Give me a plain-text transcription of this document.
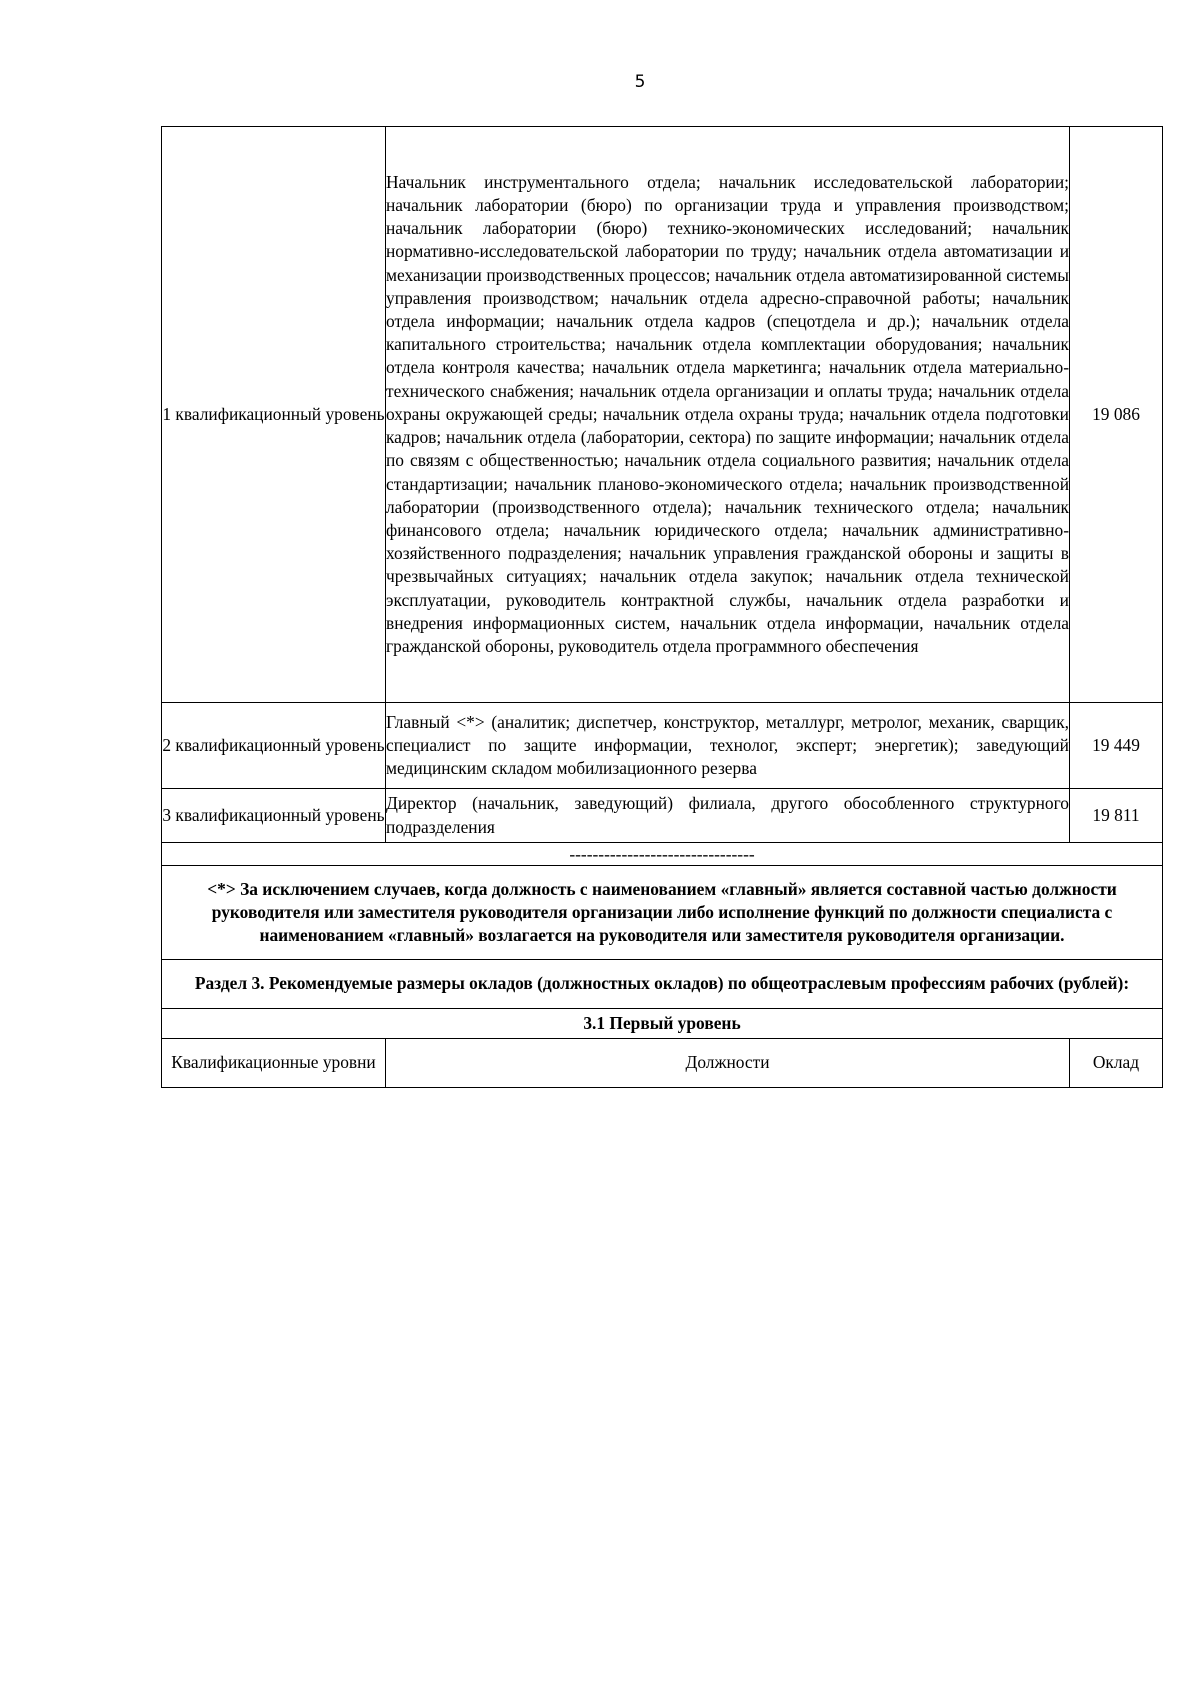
5
1 квалификационный уровень	Начальник инструментального отдела; начальник исследовательской лаборатории; начальник лаборатории (бюро) по организации труда и управления производством; начальник лаборатории (бюро) технико-экономических исследований; начальник нормативно-исследовательской лаборатории по труду; начальник отдела автоматизации и механизации производственных процессов; начальник отдела автоматизированной системы управления производством; начальник отдела адресно-справочной работы; начальник отдела информации; начальник отдела кадров (спецотдела и др.); начальник отдела капитального строительства; начальник отдела комплектации оборудования; начальник отдела контроля качества; начальник отдела маркетинга; начальник отдела материально-технического снабжения; начальник отдела организации и оплаты труда; начальник отдела охраны окружающей среды; начальник отдела охраны труда; начальник отдела подготовки кадров; начальник отдела (лаборатории, сектора) по защите информации; начальник отдела по связям с общественностью; начальник отдела социального развития; начальник отдела стандартизации; начальник планово-экономического отдела; начальник производственной лаборатории (производственного отдела); начальник технического отдела; начальник финансового отдела; начальник юридического отдела; начальник административно-хозяйственного подразделения; начальник управления гражданской обороны и защиты в чрезвычайных ситуациях; начальник отдела закупок; начальник отдела технической эксплуатации, руководитель контрактной службы, начальник отдела разработки и внедрения информационных систем, начальник отдела информации, начальник отдела гражданской обороны, руководитель отдела программного обеспечения	19 086
2 квалификационный уровень	Главный <*> (аналитик; диспетчер, конструктор, металлург, метролог, механик, сварщик, специалист по защите информации, технолог, эксперт; энергетик); заведующий медицинским складом мобилизационного резерва	19 449
3 квалификационный уровень	Директор (начальник, заведующий) филиала, другого обособленного структурного подразделения	19 811
--------------------------------		
<*> За исключением случаев, когда должность с наименованием «главный» является составной частью должности руководителя или заместителя руководителя организации либо исполнение функций по должности специалиста с наименованием «главный» возлагается на руководителя или заместителя руководителя организации.		
Раздел 3. Рекомендуемые размеры окладов (должностных окладов) по общеотраслевым профессиям рабочих (рублей):		
3.1 Первый уровень		
Квалификационные уровни	Должности	Оклад
